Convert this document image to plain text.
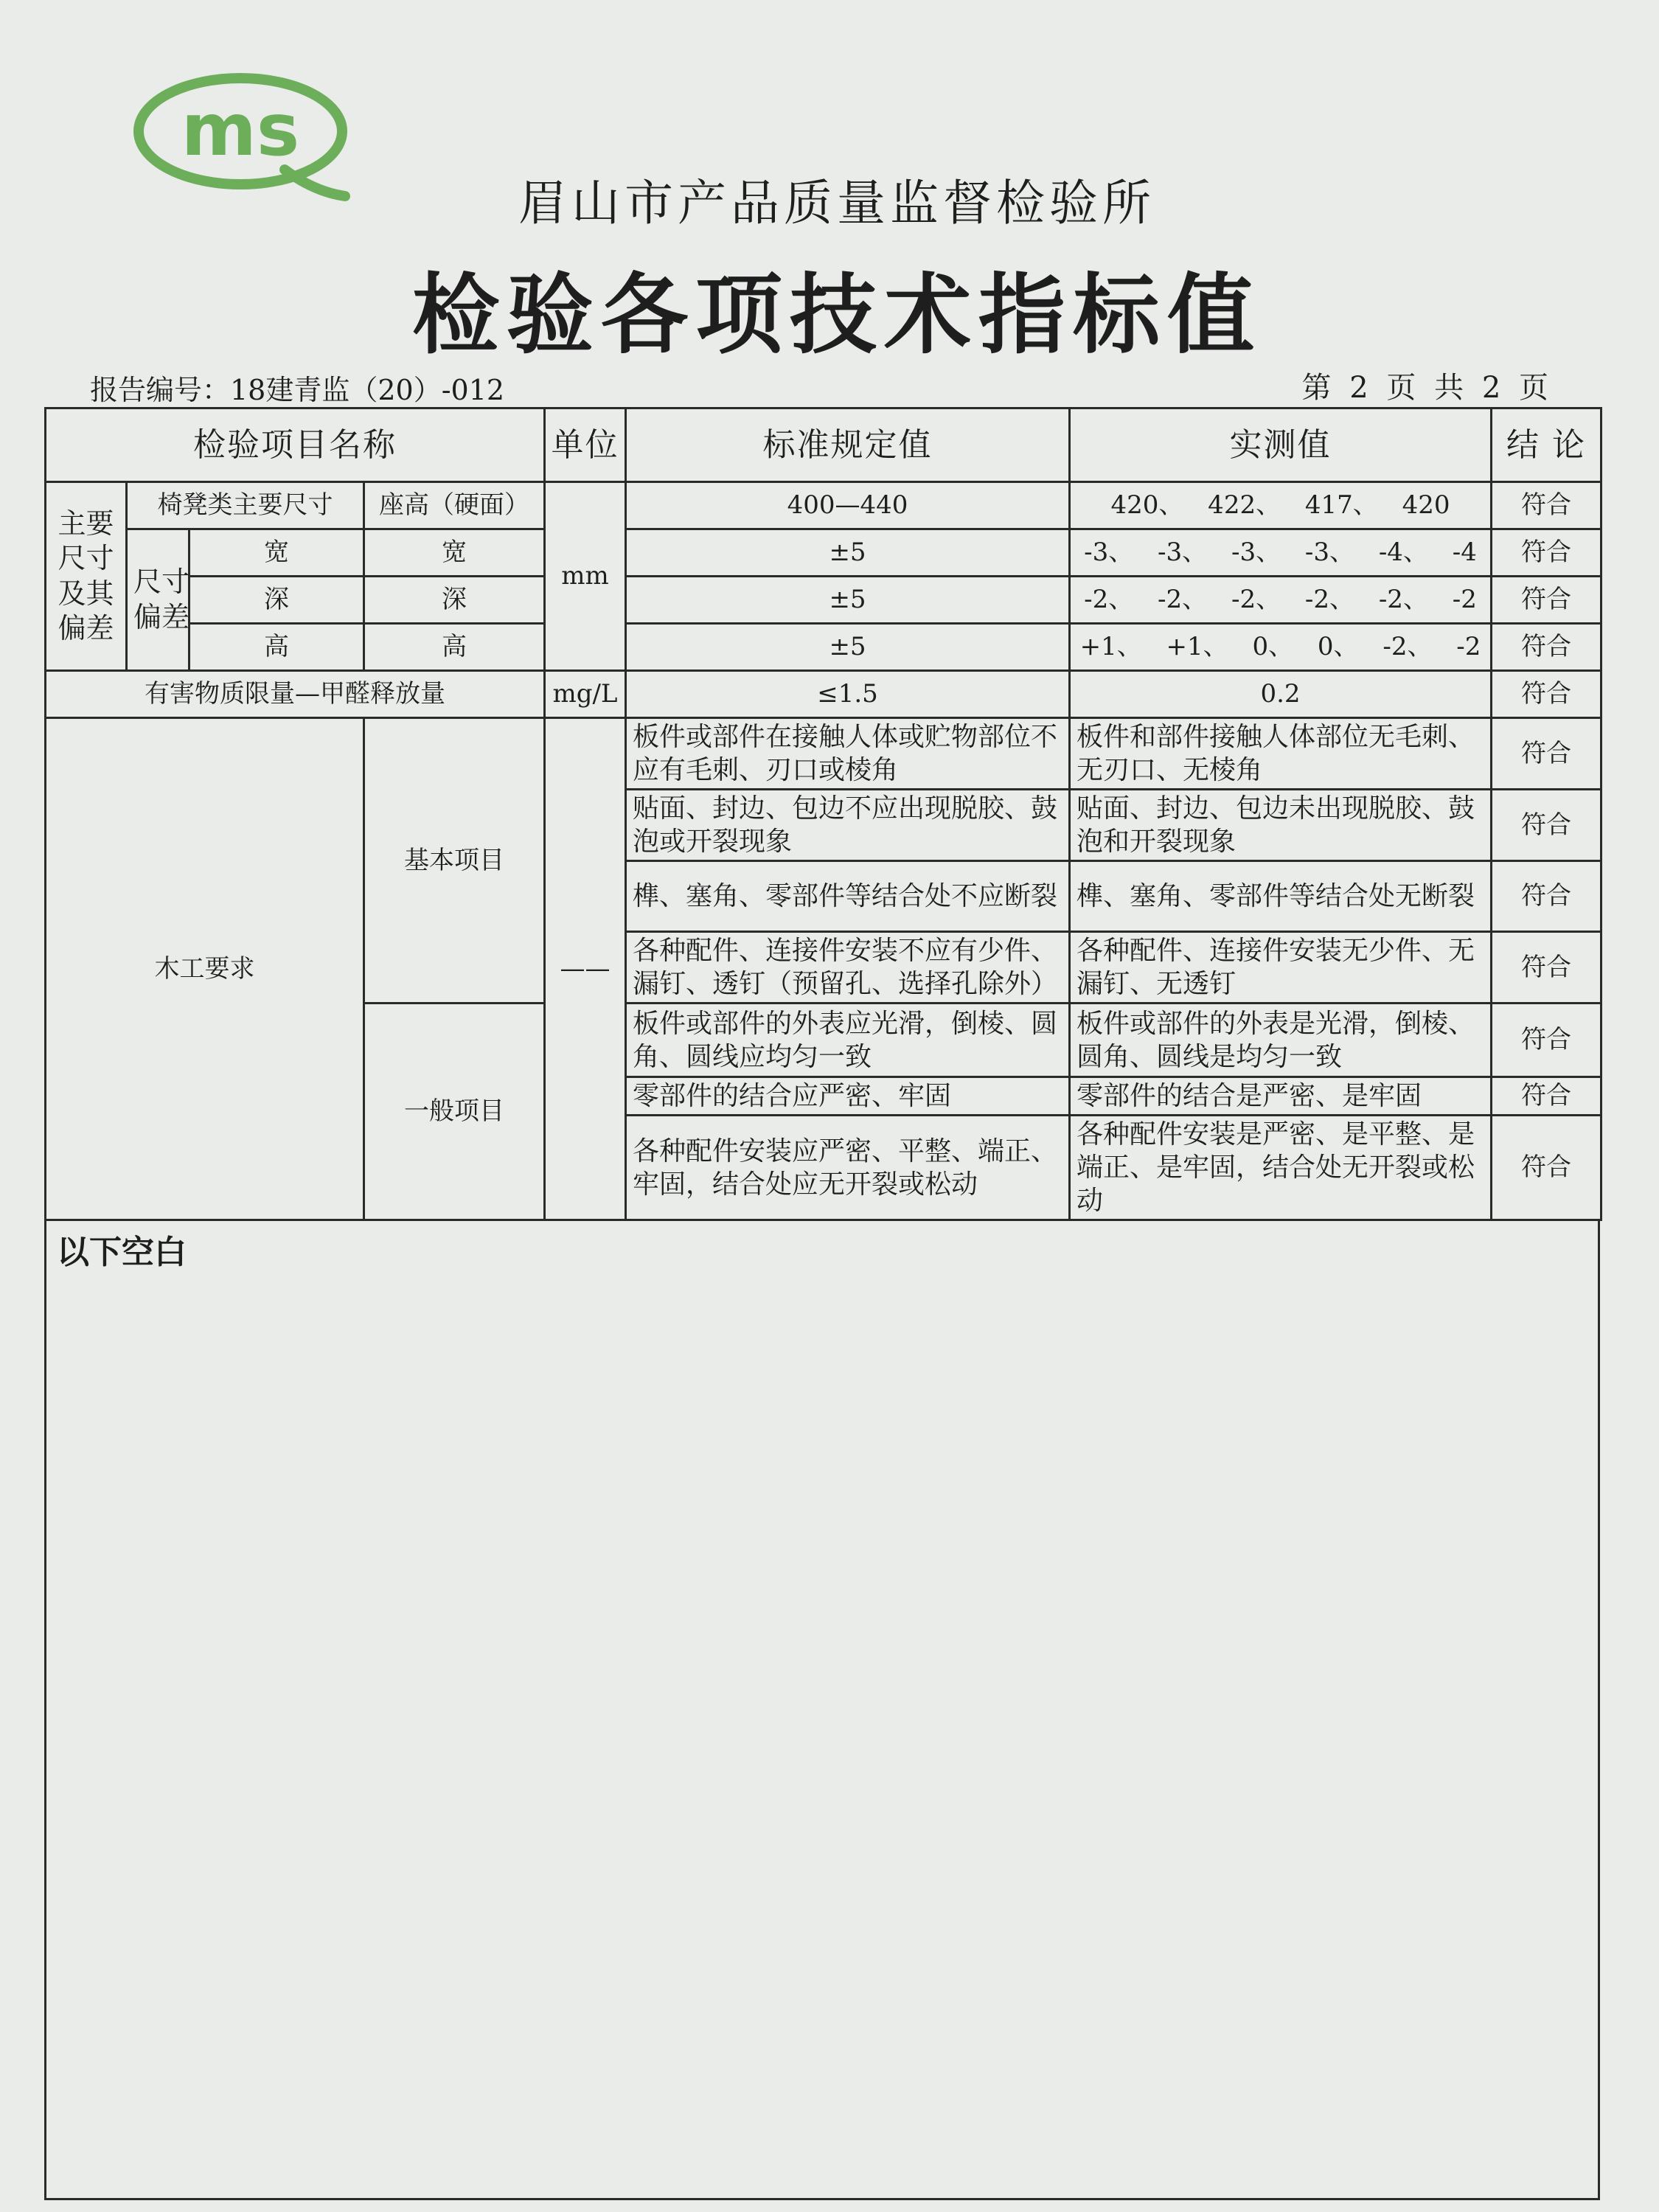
ms
眉山市产品质量监督检验所
检验各项技术指标值
报告编号：18建青监（20）-012	第 2 页 共 2 页
检验项目名称				单位	标准规定值	实测值	结 论
主要尺寸及其偏差	椅凳类主要尺寸		座高（硬面）	mm	400—440	420、 422、 417、 420	符合
	尺寸偏差	宽	宽		±5	-3、 -3、 -3、 -3、 -4、 -4	符合
		深	深		±5	-2、 -2、 -2、 -2、 -2、 -2	符合
		高	高		±5	+1、 +1、 0、 0、 -2、 -2	符合
有害物质限量—甲醛释放量				mg/L	≤1.5	0.2	符合
木工要求			基本项目	——	板件或部件在接触人体或贮物部位不应有毛刺、刃口或棱角	板件和部件接触人体部位无毛刺、无刃口、无棱角	符合
					贴面、封边、包边不应出现脱胶、鼓泡或开裂现象	贴面、封边、包边未出现脱胶、鼓泡和开裂现象	符合
					榫、塞角、零部件等结合处不应断裂	榫、塞角、零部件等结合处无断裂	符合
					各种配件、连接件安装不应有少件、漏钉、透钉（预留孔、选择孔除外）	各种配件、连接件安装无少件、无漏钉、无透钉	符合
			一般项目		板件或部件的外表应光滑，倒棱、圆角、圆线应均匀一致	板件或部件的外表是光滑，倒棱、圆角、圆线是均匀一致	符合
					零部件的结合应严密、牢固	零部件的结合是严密、是牢固	符合
					各种配件安装应严密、平整、端正、牢固，结合处应无开裂或松动	各种配件安装是严密、是平整、是端正、是牢固，结合处无开裂或松动	符合
以下空白
